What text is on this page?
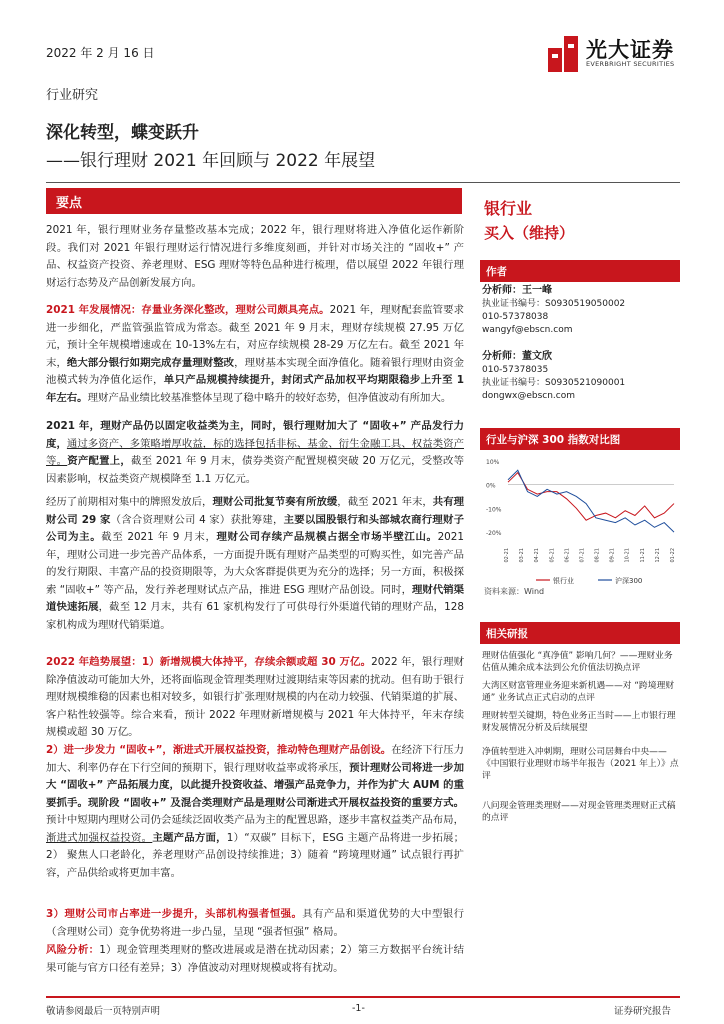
2022 年 2 月 16 日	光大证券
EVERBRIGHT SECURITIES
行业研究
深化转型，蝶变跃升
——银行理财 2021 年回顾与 2022 年展望
要点
2021 年，银行理财业务存量整改基本完成；2022 年，银行理财将进入净值化运作新阶段。我们对 2021 年银行理财运行情况进行多维度刻画，并针对市场关注的 “固收+” 产品、权益资产投资、养老理财、ESG 理财等特色品种进行梳理，借以展望 2022 年银行理财运行态势及产品创新发展方向。
2021 年发展情况：存量业务深化整改，理财公司颇具亮点。2021 年，理财配套监管要求进一步细化，严监管强监管成为常态。截至 2021 年 9 月末，理财存续规模 27.95 万亿元，预计全年规模增速或在 10-13%左右，对应存续规模 28-29 万亿左右。截至 2021 年末，绝大部分银行如期完成存量理财整改，理财基本实现全面净值化。随着银行理财由资金池模式转为净值化运作，单只产品规模持续提升，封闭式产品加权平均期限稳步上升至 1 年左右。理财产品业绩比较基准整体呈现了稳中略升的较好态势，但净值波动有所加大。
2021 年，理财产品仍以固定收益类为主，同时，银行理财加大了 “固收+” 产品发行力度，通过多资产、多策略增厚收益，标的选择包括非标、基金、衍生金融工具、权益类资产等。资产配置上，截至 2021 年 9 月末，债券类资产配置规模突破 20 万亿元，受整改等因素影响，权益类资产规模降至 1.1 万亿元。
经历了前期相对集中的牌照发放后，理财公司批复节奏有所放缓，截至 2021 年末，共有理财公司 29 家（含合资理财公司 4 家）获批筹建，主要以国股银行和头部城农商行理财子公司为主。截至 2021 年 9 月末，理财公司存续产品规模占据全市场半壁江山。2021 年，理财公司进一步完善产品体系，一方面提升既有理财产品类型的可购买性，如完善产品的发行期限、丰富产品的投资期限等，为大众客群提供更为充分的选择；另一方面，积极探索 “固收+” 等产品，发行养老理财试点产品，推进 ESG 理财产品创设。同时，理财代销渠道快速拓展，截至 12 月末，共有 61 家机构发行了可供母行外渠道代销的理财产品，128 家机构成为理财代销渠道。
2022 年趋势展望：1）新增规模大体持平，存续余额或超 30 万亿。2022 年，银行理财除净值波动可能加大外，还将面临现金管理类理财过渡期结束等因素的扰动。但有助于银行理财规模维稳的因素也相对较多，如银行扩张理财规模的内在动力较强、代销渠道的扩展、客户粘性较强等。综合来看，预计 2022 年理财新增规模与 2021 年大体持平，年末存续规模或超 30 万亿。
2）进一步发力 “固收+”，渐进式开展权益投资，推动特色理财产品创设。在经济下行压力加大、利率仍存在下行空间的预期下，银行理财收益率或将承压，预计理财公司将进一步加大 “固收+” 产品拓展力度，以此提升投资收益、增强产品竞争力，并作为扩大 AUM 的重要抓手。现阶段 “固收+” 及混合类理财产品是理财公司渐进式开展权益投资的重要方式。预计中短期内理财公司仍会延续泛固收类产品为主的配置思路，逐步丰富权益类产品布局，渐进式加强权益投资。主题产品方面，1）“双碳” 目标下，ESG 主题产品将进一步拓展；2） 聚焦人口老龄化，养老理财产品创设持续推进；3）随着 “跨境理财通” 试点银行再扩容，产品供给或将更加丰富。
3）理财公司市占率进一步提升，头部机构强者恒强。具有产品和渠道优势的大中型银行（含理财公司）竞争优势将进一步凸显，呈现 “强者恒强” 格局。
风险分析：1）现金管理类理财的整改进展或是潜在扰动因素；2）第三方数据平台统计结果可能与官方口径有差异；3）净值波动对理财规模或将有扰动。
银行业
买入（维持）
作者
分析师：王一峰
执业证书编号：S0930519050002
010-57378038
wangyf@ebscn.com
分析师：董文欣
010-57378035
执业证书编号：S0930521090001
dongwx@ebscn.com
行业与沪深 300 指数对比图
10%
0%
-10%
-20%
02-21 03-21 04-21 05-21 06-21 07-21 08-21 09-21 10-21 11-21 12-21 01-22
银行业	沪深300
资料来源：Wind
相关研报
理财估值强化 “真净值” 影响几何？——理财业务估值从摊余成本法到公允价值法切换点评
大湾区财富管理业务迎来新机遇——对 “跨境理财通” 业务试点正式启动的点评
理财转型关键期，特色业务正当时——上市银行理财发展情况分析及后续展望
净值转型进入冲刺期，理财公司居舞台中央——《中国银行业理财市场半年报告（2021 年上）》点评
八问现金管理类理财——对现金管理类理财正式稿的点评
敬请参阅最后一页特别声明	-1-	证券研究报告
